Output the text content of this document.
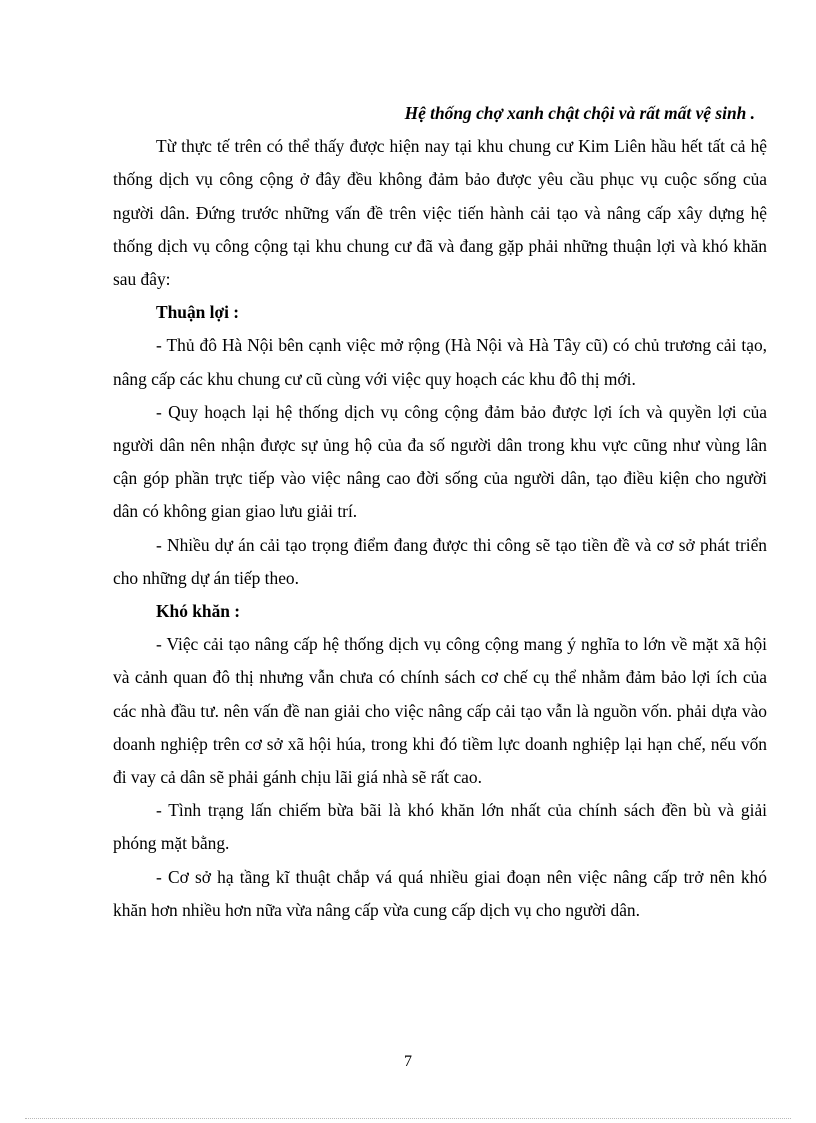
Hệ thống chợ xanh chật chội và rất mất vệ sinh .

Từ thực tế trên có thể thấy được hiện nay tại khu chung cư Kim Liên hầu hết tất cả hệ thống dịch vụ công cộng ở đây đều không đảm bảo được yêu cầu phục vụ cuộc sống của người dân. Đứng trước những vấn đề trên việc tiến hành cải tạo và nâng cấp xây dựng hệ thống dịch vụ công cộng tại khu chung cư đã và đang gặp phải những thuận lợi và khó khăn sau đây:

Thuận lợi :

- Thủ đô Hà Nội bên cạnh việc mở rộng (Hà Nội và Hà Tây cũ) có chủ trương cải tạo, nâng cấp các khu chung cư cũ cùng với việc quy hoạch các khu đô thị mới.

- Quy hoạch lại hệ thống dịch vụ công cộng đảm bảo được lợi ích và quyền lợi của người dân nên nhận được sự ủng hộ của đa số người dân trong khu vực cũng như vùng lân cận góp phần trực tiếp vào việc nâng cao đời sống của người dân, tạo điều kiện cho người dân có không gian giao lưu giải trí.

- Nhiều dự án cải tạo trọng điểm đang được thi công sẽ tạo tiền đề và cơ sở phát triển cho những dự án tiếp theo.

Khó khăn :

- Việc cải tạo nâng cấp hệ thống dịch vụ công cộng mang ý nghĩa to lớn về mặt xã hội và cảnh quan đô thị nhưng vẫn chưa có chính sách cơ chế cụ thể nhằm đảm bảo lợi ích của các nhà đầu tư. nên vấn đề nan giải cho việc nâng cấp cải tạo vẫn là nguồn vốn. phải dựa vào doanh nghiệp trên cơ sở xã hội húa, trong khi đó tiềm lực doanh nghiệp lại hạn chế, nếu vốn đi vay cả dân sẽ phải gánh chịu lãi giá nhà sẽ rất cao.

- Tình trạng lấn chiếm bừa bãi là khó khăn lớn nhất của chính sách đền bù và giải phóng mặt bằng.

- Cơ sở hạ tầng kĩ thuật chắp vá quá nhiều giai đoạn nên việc nâng cấp trở nên khó khăn hơn nhiều hơn nữa vừa nâng cấp vừa cung cấp dịch vụ cho người dân.

7
